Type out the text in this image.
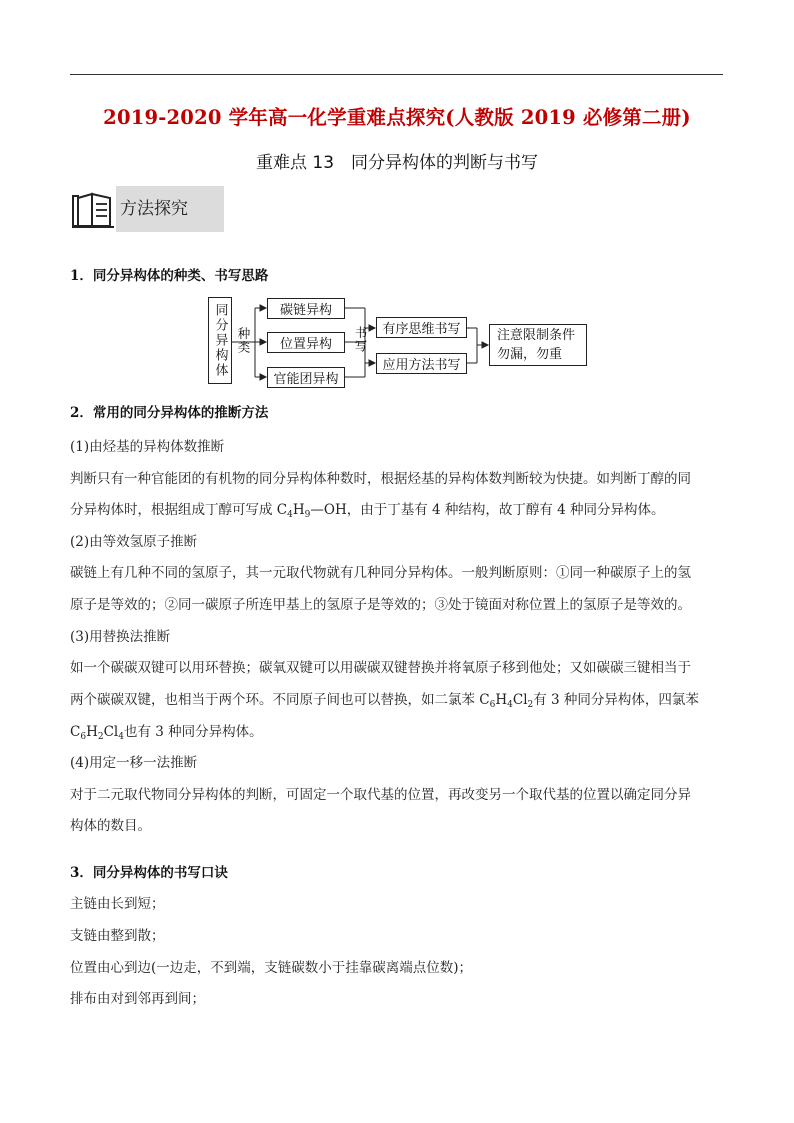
2019-2020 学年高一化学重难点探究(人教版 2019 必修第二册)
重难点 13　同分异构体的判断与书写
方法探究
1．同分异构体的种类、书写思路
同分异构体 种类
碳链异构
位置异构
官能团异构
书写	有序思维书写
应用方法书写
注意限制条件
勿漏，勿重
2．常用的同分异构体的推断方法
(1)由烃基的异构体数推断
判断只有一种官能团的有机物的同分异构体种数时，根据烃基的异构体数判断较为快捷。如判断丁醇的同
分异构体时，根据组成丁醇可写成 $C_4H_9—OH$，由于丁基有 4 种结构，故丁醇有 4 种同分异构体。
(2)由等效氢原子推断
碳链上有几种不同的氢原子，其一元取代物就有几种同分异构体。一般判断原则：①同一种碳原子上的氢
原子是等效的；②同一碳原子所连甲基上的氢原子是等效的；③处于镜面对称位置上的氢原子是等效的。
(3)用替换法推断
如一个碳碳双键可以用环替换；碳氧双键可以用碳碳双键替换并将氧原子移到他处；又如碳碳三键相当于
两个碳碳双键，也相当于两个环。不同原子间也可以替换，如二氯苯 $C_6H_4Cl_2$有 3 种同分异构体，四氯苯
$C_6H_2Cl_4$也有 3 种同分异构体。
(4)用定一移一法推断
对于二元取代物同分异构体的判断，可固定一个取代基的位置，再改变另一个取代基的位置以确定同分异
构体的数目。
3．同分异构体的书写口诀
主链由长到短；
支链由整到散；
位置由心到边(一边走，不到端，支链碳数小于挂靠碳离端点位数)；
排布由对到邻再到间；
